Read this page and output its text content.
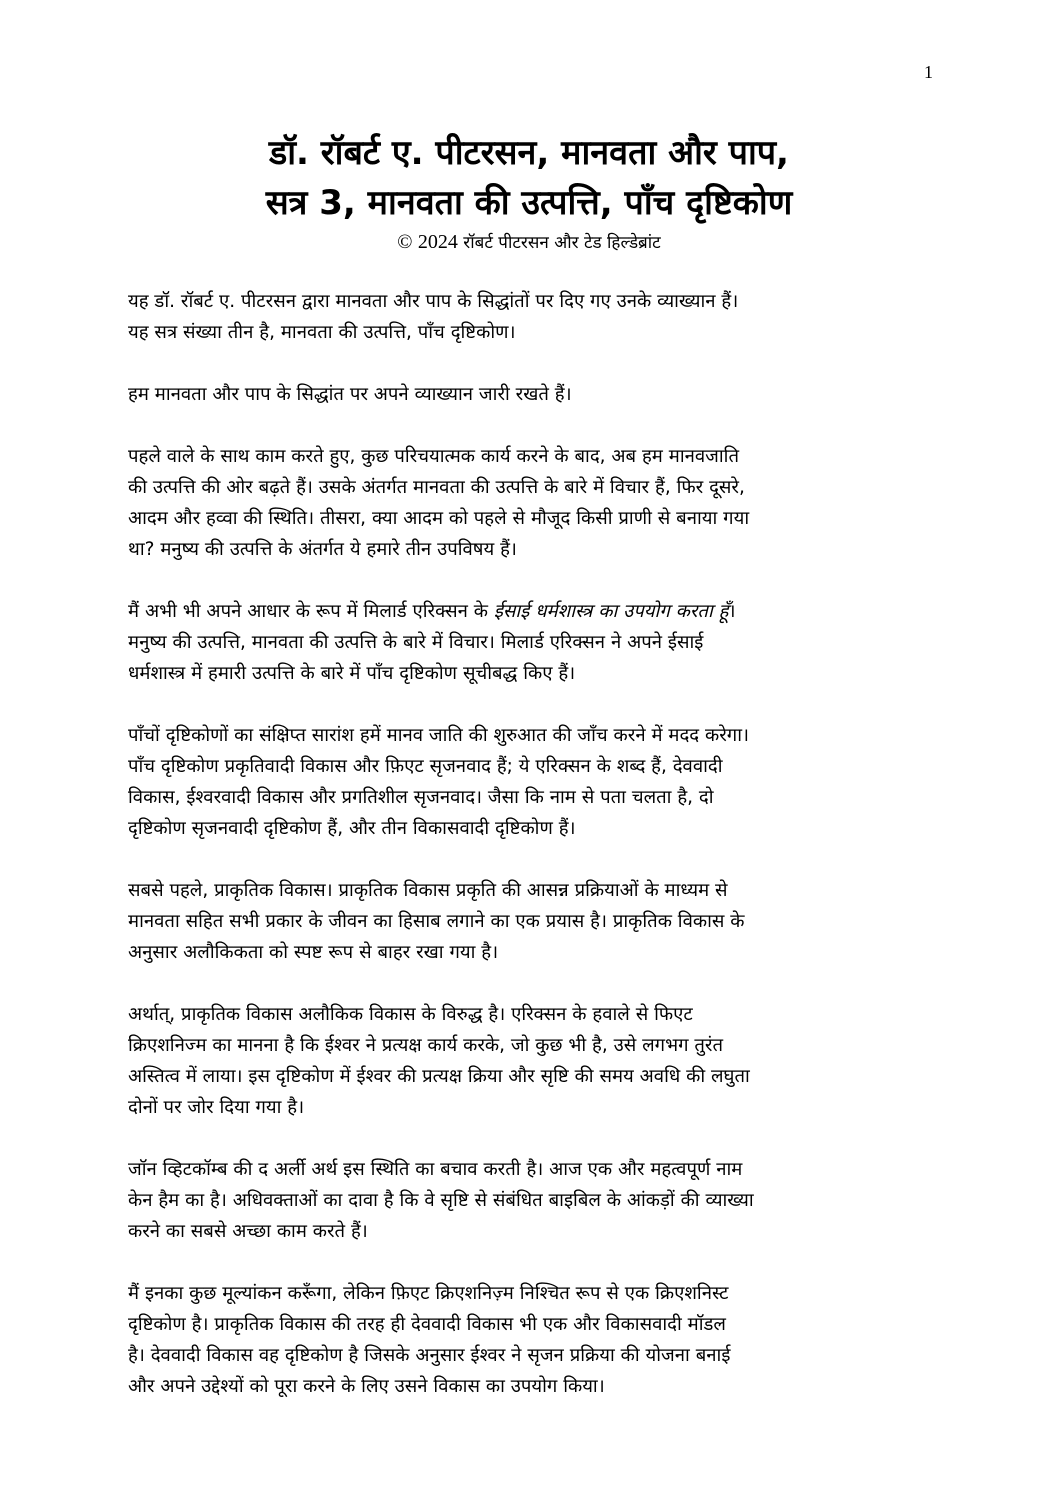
1
डॉ. रॉबर्ट ए. पीटरसन, मानवता और पाप,
सत्र 3, मानवता की उत्पत्ति, पाँच दृष्टिकोण
© 2024 रॉबर्ट पीटरसन और टेड हिल्डेब्रांट

यह डॉ. रॉबर्ट ए. पीटरसन द्वारा मानवता और पाप के सिद्धांतों पर दिए गए उनके व्याख्यान हैं।
यह सत्र संख्या तीन है, मानवता की उत्पत्ति, पाँच दृष्टिकोण।

हम मानवता और पाप के सिद्धांत पर अपने व्याख्यान जारी रखते हैं।

पहले वाले के साथ काम करते हुए, कुछ परिचयात्मक कार्य करने के बाद, अब हम मानवजाति
की उत्पत्ति की ओर बढ़ते हैं। उसके अंतर्गत मानवता की उत्पत्ति के बारे में विचार हैं, फिर दूसरे,
आदम और हव्वा की स्थिति। तीसरा, क्या आदम को पहले से मौजूद किसी प्राणी से बनाया गया
था? मनुष्य की उत्पत्ति के अंतर्गत ये हमारे तीन उपविषय हैं।

मैं अभी भी अपने आधार के रूप में मिलार्ड एरिक्सन के ईसाई धर्मशास्त्र का उपयोग करता हूँ।
मनुष्य की उत्पत्ति, मानवता की उत्पत्ति के बारे में विचार। मिलार्ड एरिक्सन ने अपने ईसाई
धर्मशास्त्र में हमारी उत्पत्ति के बारे में पाँच दृष्टिकोण सूचीबद्ध किए हैं।

पाँचों दृष्टिकोणों का संक्षिप्त सारांश हमें मानव जाति की शुरुआत की जाँच करने में मदद करेगा।
पाँच दृष्टिकोण प्रकृतिवादी विकास और फ़िएट सृजनवाद हैं; ये एरिक्सन के शब्द हैं, देववादी
विकास, ईश्वरवादी विकास और प्रगतिशील सृजनवाद। जैसा कि नाम से पता चलता है, दो
दृष्टिकोण सृजनवादी दृष्टिकोण हैं, और तीन विकासवादी दृष्टिकोण हैं।

सबसे पहले, प्राकृतिक विकास। प्राकृतिक विकास प्रकृति की आसन्न प्रक्रियाओं के माध्यम से
मानवता सहित सभी प्रकार के जीवन का हिसाब लगाने का एक प्रयास है। प्राकृतिक विकास के
अनुसार अलौकिकता को स्पष्ट रूप से बाहर रखा गया है।

अर्थात्, प्राकृतिक विकास अलौकिक विकास के विरुद्ध है। एरिक्सन के हवाले से फिएट
क्रिएशनिज्म का मानना है कि ईश्वर ने प्रत्यक्ष कार्य करके, जो कुछ भी है, उसे लगभग तुरंत
अस्तित्व में लाया। इस दृष्टिकोण में ईश्वर की प्रत्यक्ष क्रिया और सृष्टि की समय अवधि की लघुता
दोनों पर जोर दिया गया है।

जॉन व्हिटकॉम्ब की द अर्ली अर्थ इस स्थिति का बचाव करती है। आज एक और महत्वपूर्ण नाम
केन हैम का है। अधिवक्ताओं का दावा है कि वे सृष्टि से संबंधित बाइबिल के आंकड़ों की व्याख्या
करने का सबसे अच्छा काम करते हैं।

मैं इनका कुछ मूल्यांकन करूँगा, लेकिन फ़िएट क्रिएशनिज़्म निश्चित रूप से एक क्रिएशनिस्ट
दृष्टिकोण है। प्राकृतिक विकास की तरह ही देववादी विकास भी एक और विकासवादी मॉडल
है। देववादी विकास वह दृष्टिकोण है जिसके अनुसार ईश्वर ने सृजन प्रक्रिया की योजना बनाई
और अपने उद्देश्यों को पूरा करने के लिए उसने विकास का उपयोग किया।
